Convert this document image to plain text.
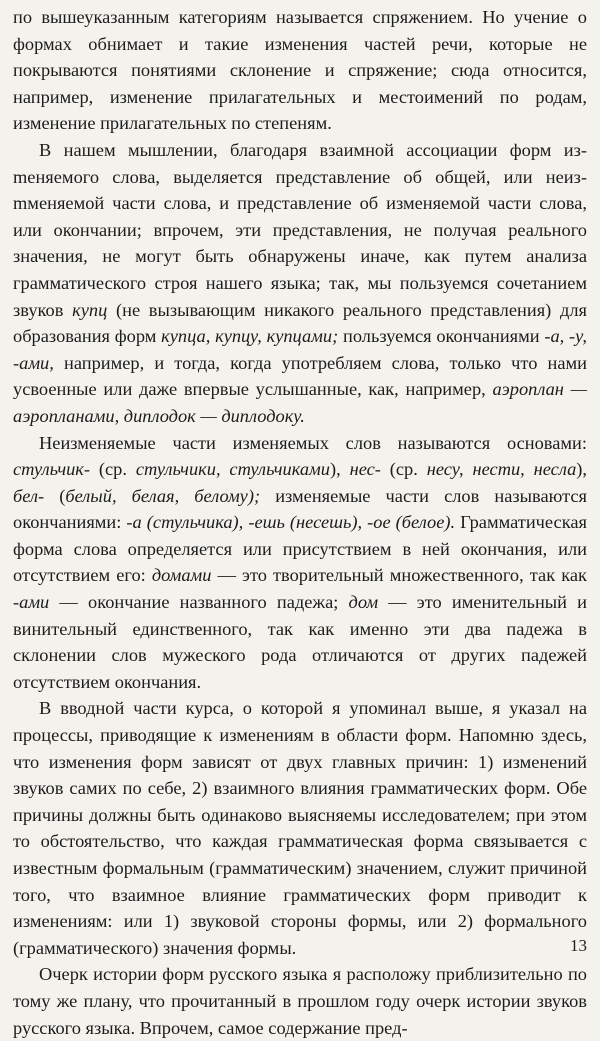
по вышеуказанным категориям называется спряжением. Но учение о формах обнимает и такие изменения частей речи, которые не покрываются понятиями склонение и спряжение; сюда относится, например, изменение прилагательных и местоимений по родам, изменение прилагательных по степеням.

В нашем мышлении, благодаря взаимной ассоциации форм изmеняемого слова, выделяется представление об общей, или неизmменяемой части слова, и представление об изменяемой части слова, или окончании; впрочем, эти представления, не получая реального значения, не могут быть обнаружены иначе, как путем анализа грамматического строя нашего языка; так, мы пользуемся сочетанием звуков купц (не вызывающим никакого реального представления) для образования форм купца, купцу, купцами; пользуемся окончаниями -а, -у, -ами, например, и тогда, когда употребляем слова, только что нами усвоенные или даже впервые услышанные, как, например, аэроплан — аэропланами, диплодок — диплодоку.

Неизменяемые части изменяемых слов называются основами: стульчик- (ср. стульчики, стульчиками), нес- (ср. несу, нести, несла), бел- (белый, белая, белому); изменяемые части слов называются окончаниями: -а (стульчика), -ешь (несешь), -ое (белое). Грамматическая форма слова определяется или присутствием в ней окончания, или отсутствием его: домами — это творительный множественного, так как -ами — окончание названного падежа; дом — это именительный и винительный единственного, так как именно эти два падежа в склонении слов мужеского рода отличаются от других падежей отсутствием окончания.

В вводной части курса, о которой я упоминал выше, я указал на процессы, приводящие к изменениям в области форм. Напомню здесь, что изменения форм зависят от двух главных причин: 1) изменений звуков самих по себе, 2) взаимного влияния грамматических форм. Обе причины должны быть одинаково выясняемы исследователем; при этом то обстоятельство, что каждая грамматическая форма связывается с известным формальным (грамматическим) значением, служит причиной того, что взаимное влияние грамматических форм приводит к изменениям: или 1) звуковой стороны формы, или 2) формального (грамматического) значения формы.

Очерк истории форм русского языка я расположу приблизительно по тому же плану, что прочитанный в прошлом году очерк истории звуков русского языка. Впрочем, самое содержание пред-

13
